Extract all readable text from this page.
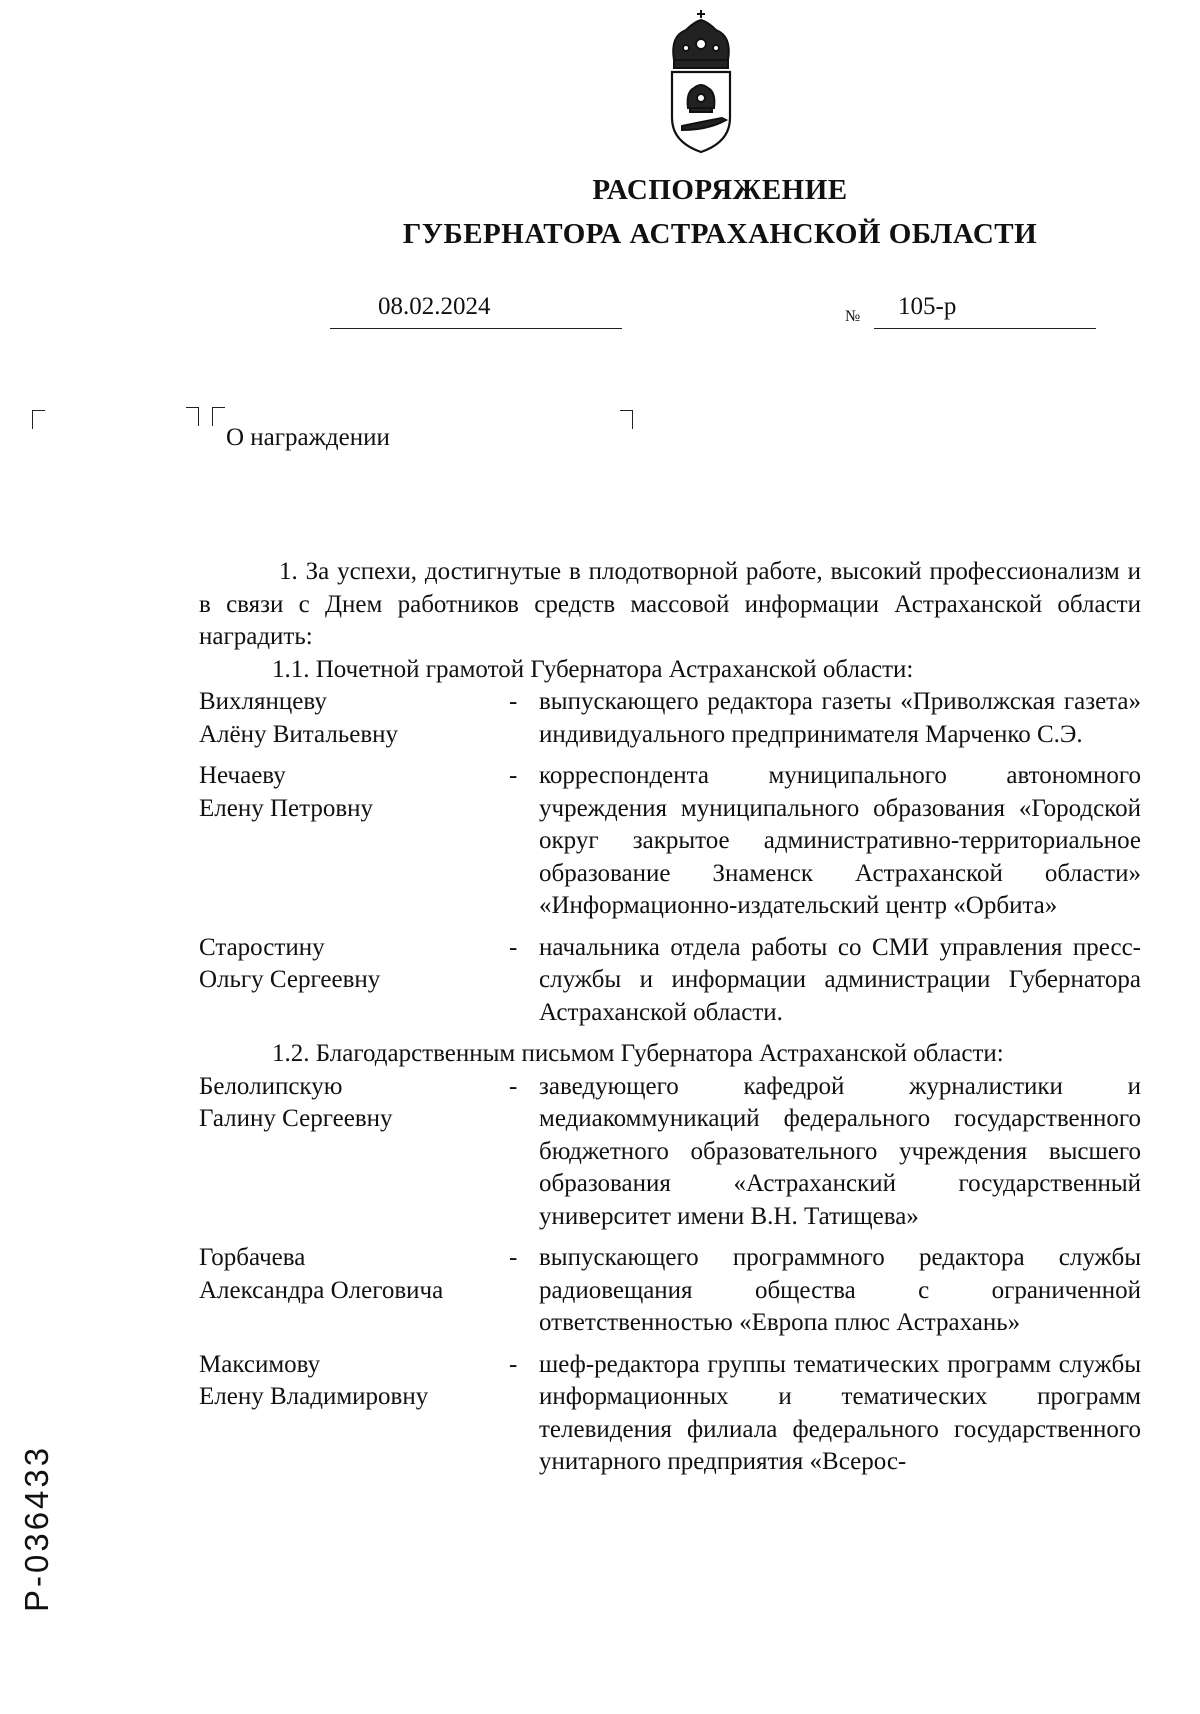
РАСПОРЯЖЕНИЕ
ГУБЕРНАТОРА АСТРАХАНСКОЙ ОБЛАСТИ
08.02.2024	№ 105-р
О награждении

1. За успехи, достигнутые в плодотворной работе, высокий профессионализм и в связи с Днем работников средств массовой информации Астраханской области наградить:

1.1. Почетной грамотой Губернатора Астраханской области:

Вихлянцеву
Алёну Витальевну
- выпускающего редактора газеты «Приволжская газета» индивидуального предпринимателя Марченко С.Э.
Нечаеву
Елену Петровну
- корреспондента муниципального автономного учреждения муниципального образования «Городской округ закрытое административно-территориальное образование Знаменск Астраханской области» «Информационно-издательский центр «Орбита»
Старостину
Ольгу Сергеевну
- начальника отдела работы со СМИ управления пресс-службы и информации администрации Губернатора Астраханской области.

1.2. Благодарственным письмом Губернатора Астраханской области:

Белолипскую
Галину Сергеевну
- заведующего кафедрой журналистики и медиакоммуникаций федерального государственного бюджетного образовательного учреждения высшего образования «Астраханский государственный университет имени В.Н. Татищева»
Горбачева
Александра Олеговича
- выпускающего программного редактора службы радиовещания общества с ограниченной ответственностью «Европа плюс Астрахань»
Максимову
Елену Владимировну
- шеф-редактора группы тематических программ службы информационных и тематических программ телевидения филиала федерального государственного унитарного предприятия «Всерос-
Р-036433
